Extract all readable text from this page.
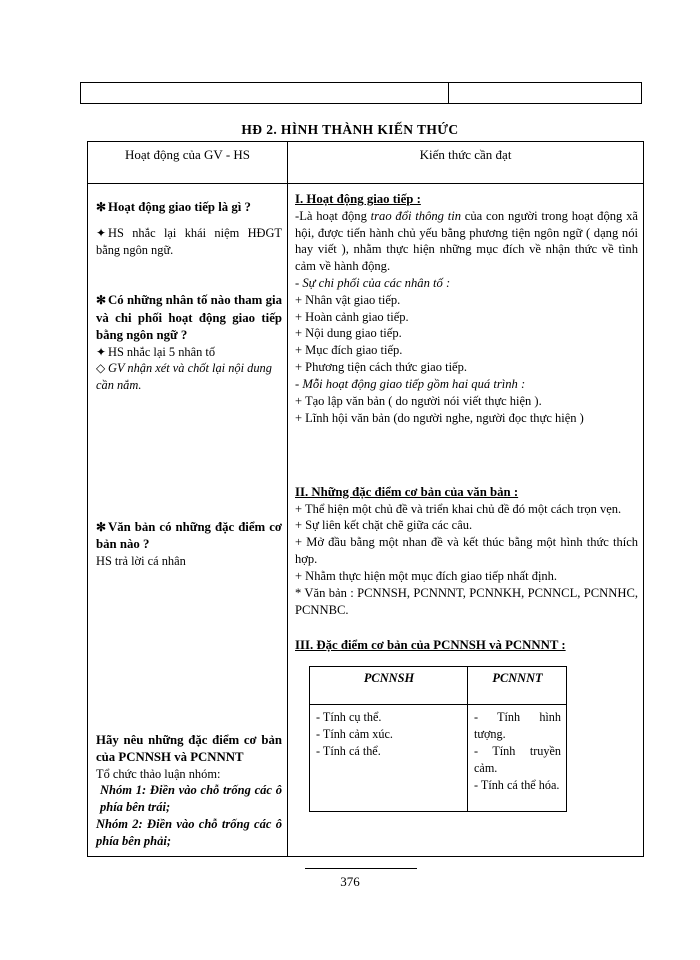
HĐ 2. HÌNH THÀNH KIẾN THỨC
Hoạt động của GV - HS	Kiến thức cần đạt

✻ Hoạt động giao tiếp là gì ?

✦ HS nhắc lại khái niệm HĐGT bằng ngôn ngữ.

✻ Có những nhân tố nào tham gia và chi phối hoạt động giao tiếp bằng ngôn ngữ ?

✦ HS nhắc lại 5 nhân tố

◇ GV nhận xét và chốt lại nội dung cần nắm.

✻ Văn bản có những đặc điểm cơ bản nào ?

HS trả lời cá nhân

Hãy nêu những đặc điểm cơ bản của PCNNSH và PCNNNT

Tổ chức thảo luận nhóm:

Nhóm 1: Điền vào chỗ trống các ô phía bên trái;

Nhóm 2: Điền vào chỗ trống các ô phía bên phải;

I. Hoạt động giao tiếp :

-Là hoạt động trao đổi thông tin của con người trong hoạt động xã hội, được tiến hành chủ yếu bằng phương tiện ngôn ngữ ( dạng nói hay viết ), nhằm thực hiện những mục đích về nhận thức về tình cảm về hành động.

- Sự chi phối của các nhân tố :

+ Nhân vật giao tiếp.

+ Hoàn cảnh giao tiếp.

+ Nội dung giao tiếp.

+ Mục đích giao tiếp.

+ Phương tiện cách thức giao tiếp.

- Mỗi hoạt động giao tiếp gồm hai quá trình :

+ Tạo lập văn bản ( do người nói viết thực hiện ).

+ Lĩnh hội văn bản (do người nghe, người đọc thực hiện )

II. Những đặc điểm cơ bản của văn bản :

+ Thể hiện một chủ đề và triển khai chủ đề đó một cách trọn vẹn.

+ Sự liên kết chặt chẽ giữa các câu.

+ Mở đầu bằng một nhan đề và kết thúc bằng một hình thức thích hợp.

+ Nhằm thực hiện một mục đích giao tiếp nhất định.

* Văn bản : PCNNSH, PCNNNT, PCNNKH, PCNNCL, PCNNHC, PCNNBC.

III. Đặc điểm cơ bản của PCNNSH và PCNNNT :
PCNNSH	PCNNNT

- Tính cụ thể.

- Tính cảm xúc.

- Tính cá thể.

- Tính hình tượng.

- Tính truyền cảm.

- Tính cá thể hóa.

376
